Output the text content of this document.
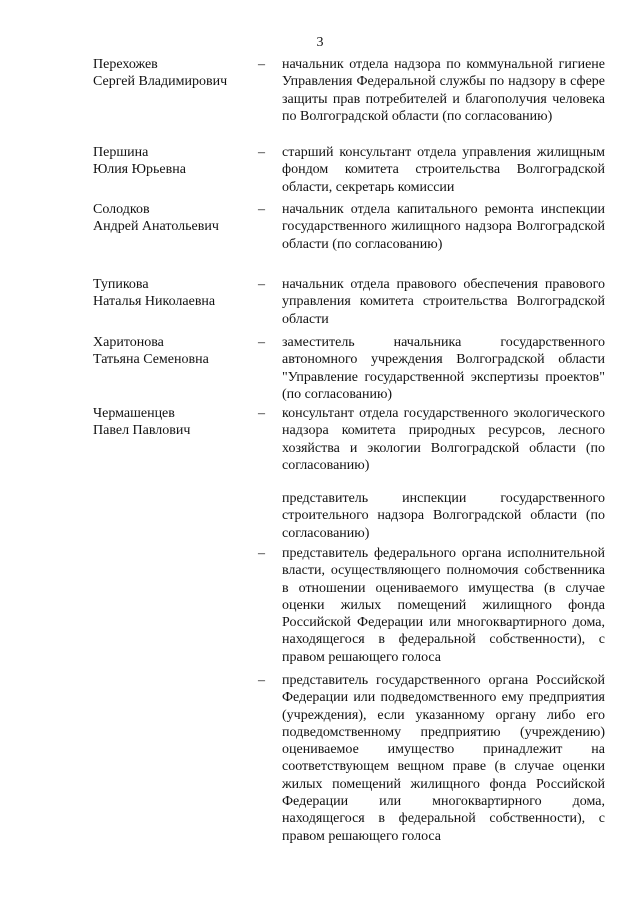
3
Перехожев
Сергей Владимирович
– начальник отдела надзора по коммунальной гигиене Управления Федеральной службы по надзору в сфере защиты прав потребителей и благополучия человека по Волгоградской области (по согласованию)
Першина
Юлия Юрьевна
– старший консультант отдела управления жилищным фондом комитета строительства Волгоградской области, секретарь комиссии
Солодков
Андрей Анатольевич
– начальник отдела капитального ремонта инспекции государственного жилищного надзора Волгоградской области (по согласованию)
Тупикова
Наталья Николаевна
– начальник отдела правового обеспечения правового управления комитета строительства Волгоградской области
Харитонова
Татьяна Семеновна
– заместитель начальника государственного автономного учреждения Волгоградской области "Управление государственной экспертизы проектов" (по согласованию)
Чермашенцев
Павел Павлович
– консультант отдела государственного экологического надзора комитета природных ресурсов, лесного хозяйства и экологии Волгоградской области (по согласованию)
представитель инспекции государственного строительного надзора Волгоградской области (по согласованию)
– представитель федерального органа исполнительной власти, осуществляющего полномочия собственника в отношении оцениваемого имущества (в случае оценки жилых помещений жилищного фонда Российской Федерации или многоквартирного дома, находящегося в федеральной собственности), с правом решающего голоса
– представитель государственного органа Российской Федерации или подведомственного ему предприятия (учреждения), если указанному органу либо его подведомственному предприятию (учреждению) оцениваемое имущество принадлежит на соответствующем вещном праве (в случае оценки жилых помещений жилищного фонда Российской Федерации или многоквартирного дома, находящегося в федеральной собственности), с правом решающего голоса
